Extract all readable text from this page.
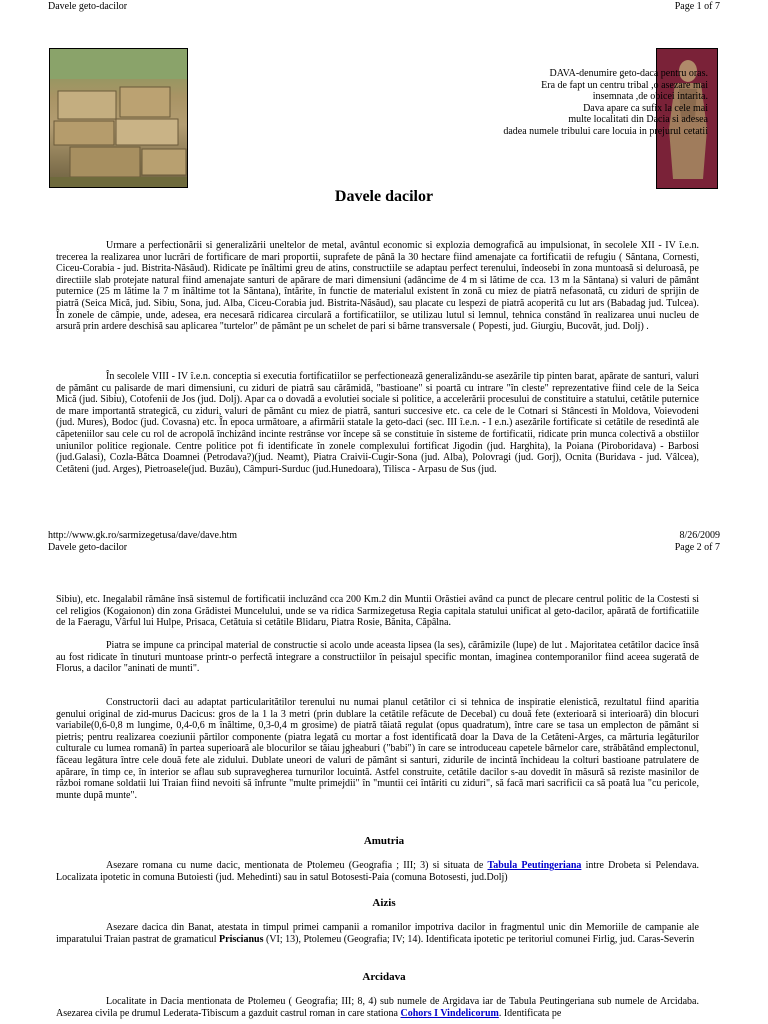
Davele geto-dacilor	Page 1 of 7
DAVA-denumire geto-daca pentru oras.
Era de fapt un centru tribal ,o asezare mai
insemnata ,de obicei intarita.
Dava apare ca sufix la cele mai
multe localitati din Dacia si adesea
dadea numele tribului care locuia in prejurul cetatii
Davele dacilor
Urmare a perfectionării si generalizării uneltelor de metal, avântul economic si explozia demografică au impulsionat, în secolele XII - IV î.e.n. trecerea la realizarea unor lucrări de fortificare de mari proportii, suprafete de până la 30 hectare fiind amenajate ca fortificatii de refugiu ( Săntana, Cornesti, Ciceu-Corabia - jud. Bistrita-Năsăud). Ridicate pe înăltimi greu de atins, constructiile se adaptau perfect terenului, îndeosebi în zona muntoasă si deluroasă, pe directiile slab protejate natural fiind amenajate santuri de apărare de mari dimensiuni (adâncime de 4 m si lătime de cca. 13 m la Săntana) si valuri de pământ puternice (25 m lătime la 7 m înăltime tot la Săntana), întărite, în functie de materialul existent în zonă cu miez de piatră nefasonată, cu ziduri de sprijin de piatră (Seica Mică, jud. Sibiu, Sona, jud. Alba, Ciceu-Corabia jud. Bistrita-Năsăud), sau placate cu lespezi de piatră acoperită cu lut ars (Babadag jud. Tulcea). În zonele de câmpie, unde, adesea, era necesară ridicarea circulară a fortificatiilor, se utilizau lutul si lemnul, tehnica constând în realizarea unui nucleu de arsură prin ardere deschisă sau aplicarea "turtelor" de pământ pe un schelet de pari si bârne transversale ( Popesti, jud. Giurgiu, Bucovăt, jud. Dolj) .
În secolele VIII - IV î.e.n. conceptia si executia fortificatiilor se perfectionează generalizându-se asezările tip pinten barat, apărate de santuri, valuri de pământ cu palisarde de mari dimensiuni, cu ziduri de piatră sau cărămidă, "bastioane" si poartă cu intrare "în cleste" reprezentative fiind cele de la Seica Mică (jud. Sibiu), Cotofenii de Jos (jud. Dolj). Apar ca o dovadă a evolutiei sociale si politice, a accelerării procesului de constituire a statului, cetătile puternice de mare importantă strategică, cu ziduri, valuri de pământ cu miez de piatră, santuri succesive etc. ca cele de le Cotnari si Stâncesti în Moldova, Voievodeni (jud. Mures), Bodoc (jud. Covasna) etc. În epoca următoare, a afirmării statale la geto-daci (sec. III î.e.n. - I e.n.) asezările fortificate si cetătile de resedintă ale căpeteniilor sau cele cu rol de acropolă închizând incinte restrânse vor începe să se constituie în sisteme de fortificatii, ridicate prin munca colectivă a obstiilor uniunilor politice regionale. Centre politice pot fi identificate în zonele complexului fortificat Jigodin (jud. Harghita), la Poiana (Piroboridava) - Barbosi (jud.Galasi), Cozla-Bătca Doamnei (Petrodava?)(jud. Neamt), Piatra Craivii-Cugir-Sona (jud. Alba), Polovragi (jud. Gorj), Ocnita (Buridava - jud. Vâlcea), Cetăteni (jud. Arges), Pietroasele(jud. Buzău), Câmpuri-Surduc (jud.Hunedoara), Tilisca - Arpasu de Sus (jud.
http://www.gk.ro/sarmizegetusa/dave/dave.htm	8/26/2009
Davele geto-dacilor	Page 2 of 7
Sibiu), etc. Inegalabil rămâne însă sistemul de fortificatii incluzând cca 200 Km.2 din Muntii Orăstiei având ca punct de plecare centrul politic de la Costesti si cel religios (Kogaionon) din zona Grădistei Muncelului, unde se va ridica Sarmizegetusa Regia capitala statului unificat al geto-dacilor, apărată de fortificatiile de la Faeragu, Vârful lui Hulpe, Prisaca, Cetătuia si cetătile Blidaru, Piatra Rosie, Bănita, Căpâlna.
Piatra se impune ca principal material de constructie si acolo unde aceasta lipsea (la ses), cărămizile (lupe) de lut . Majoritatea cetătilor dacice însă au fost ridicate în tinuturi muntoase printr-o perfectă integrare a constructiilor în peisajul specific montan, imaginea contemporanilor fiind aceea sugerată de Florus, a dacilor "aninati de munti".
Constructorii daci au adaptat particularitătilor terenului nu numai planul cetătilor ci si tehnica de inspiratie elenistică, rezultatul fiind aparitia genului original de zid-murus Dacicus: gros de la 1 la 3 metri (prin dublare la cetătile refăcute de Decebal) cu două fete (exterioară si interioară) din blocuri variabile(0,6-0,8 m lungime, 0,4-0,6 m înăltime, 0,3-0,4 m grosime) de piatră tăiată regulat (opus quadratum), între care se tasa un emplecton de pământ si pietris; pentru realizarea coeziunii părtilor componente (piatra legată cu mortar a fost identificată doar la Dava de la Cetăteni-Arges, ca mărturia legăturilor culturale cu lumea romană) în partea superioară ale blocurilor se tăiau jgheaburi ("babi") în care se introduceau capetele bârnelor care, străbătând emplectonul, făceau legătura între cele două fete ale zidului. Dublate uneori de valuri de pământ si santuri, zidurile de incintă închideau la colturi bastioane patrulatere de apărare, în timp ce, în interior se aflau sub supravegherea turnurilor locuintă. Astfel construite, cetătile dacilor s-au dovedit în măsură să reziste masinilor de război romane soldatii lui Traian fiind nevoiti să înfrunte "multe primejdii" în "muntii cei întăriti cu ziduri", să facă mari sacrificii ca să poată lua "cu pericole, munte după munte".
Amutria
Asezare romana cu nume dacic, mentionata de Ptolemeu (Geografia ; III; 3) si situata de Tabula Peutingeriana intre Drobeta si Pelendava. Localizata ipotetic in comuna Butoiesti (jud. Mehedinti) sau in satul Botosesti-Paia (comuna Botosesti, jud.Dolj)
Aizis
Asezare dacica din Banat, atestata in timpul primei campanii a romanilor impotriva dacilor in fragmentul unic din Memoriile de campanie ale imparatului Traian pastrat de gramaticul Priscianus (VI; 13), Ptolemeu (Geografia; IV; 14). Identificata ipotetic pe teritoriul comunei Firlig, jud. Caras-Severin
Arcidava
Localitate in Dacia mentionata de Ptolemeu ( Geografia; III; 8, 4) sub numele de Argidava iar de Tabula Peutingeriana sub numele de Arcidaba. Asezarea civila pe drumul Lederata-Tibiscum a gazduit castrul roman in care stationa Cohors I Vindelicorum. Identificata pe
